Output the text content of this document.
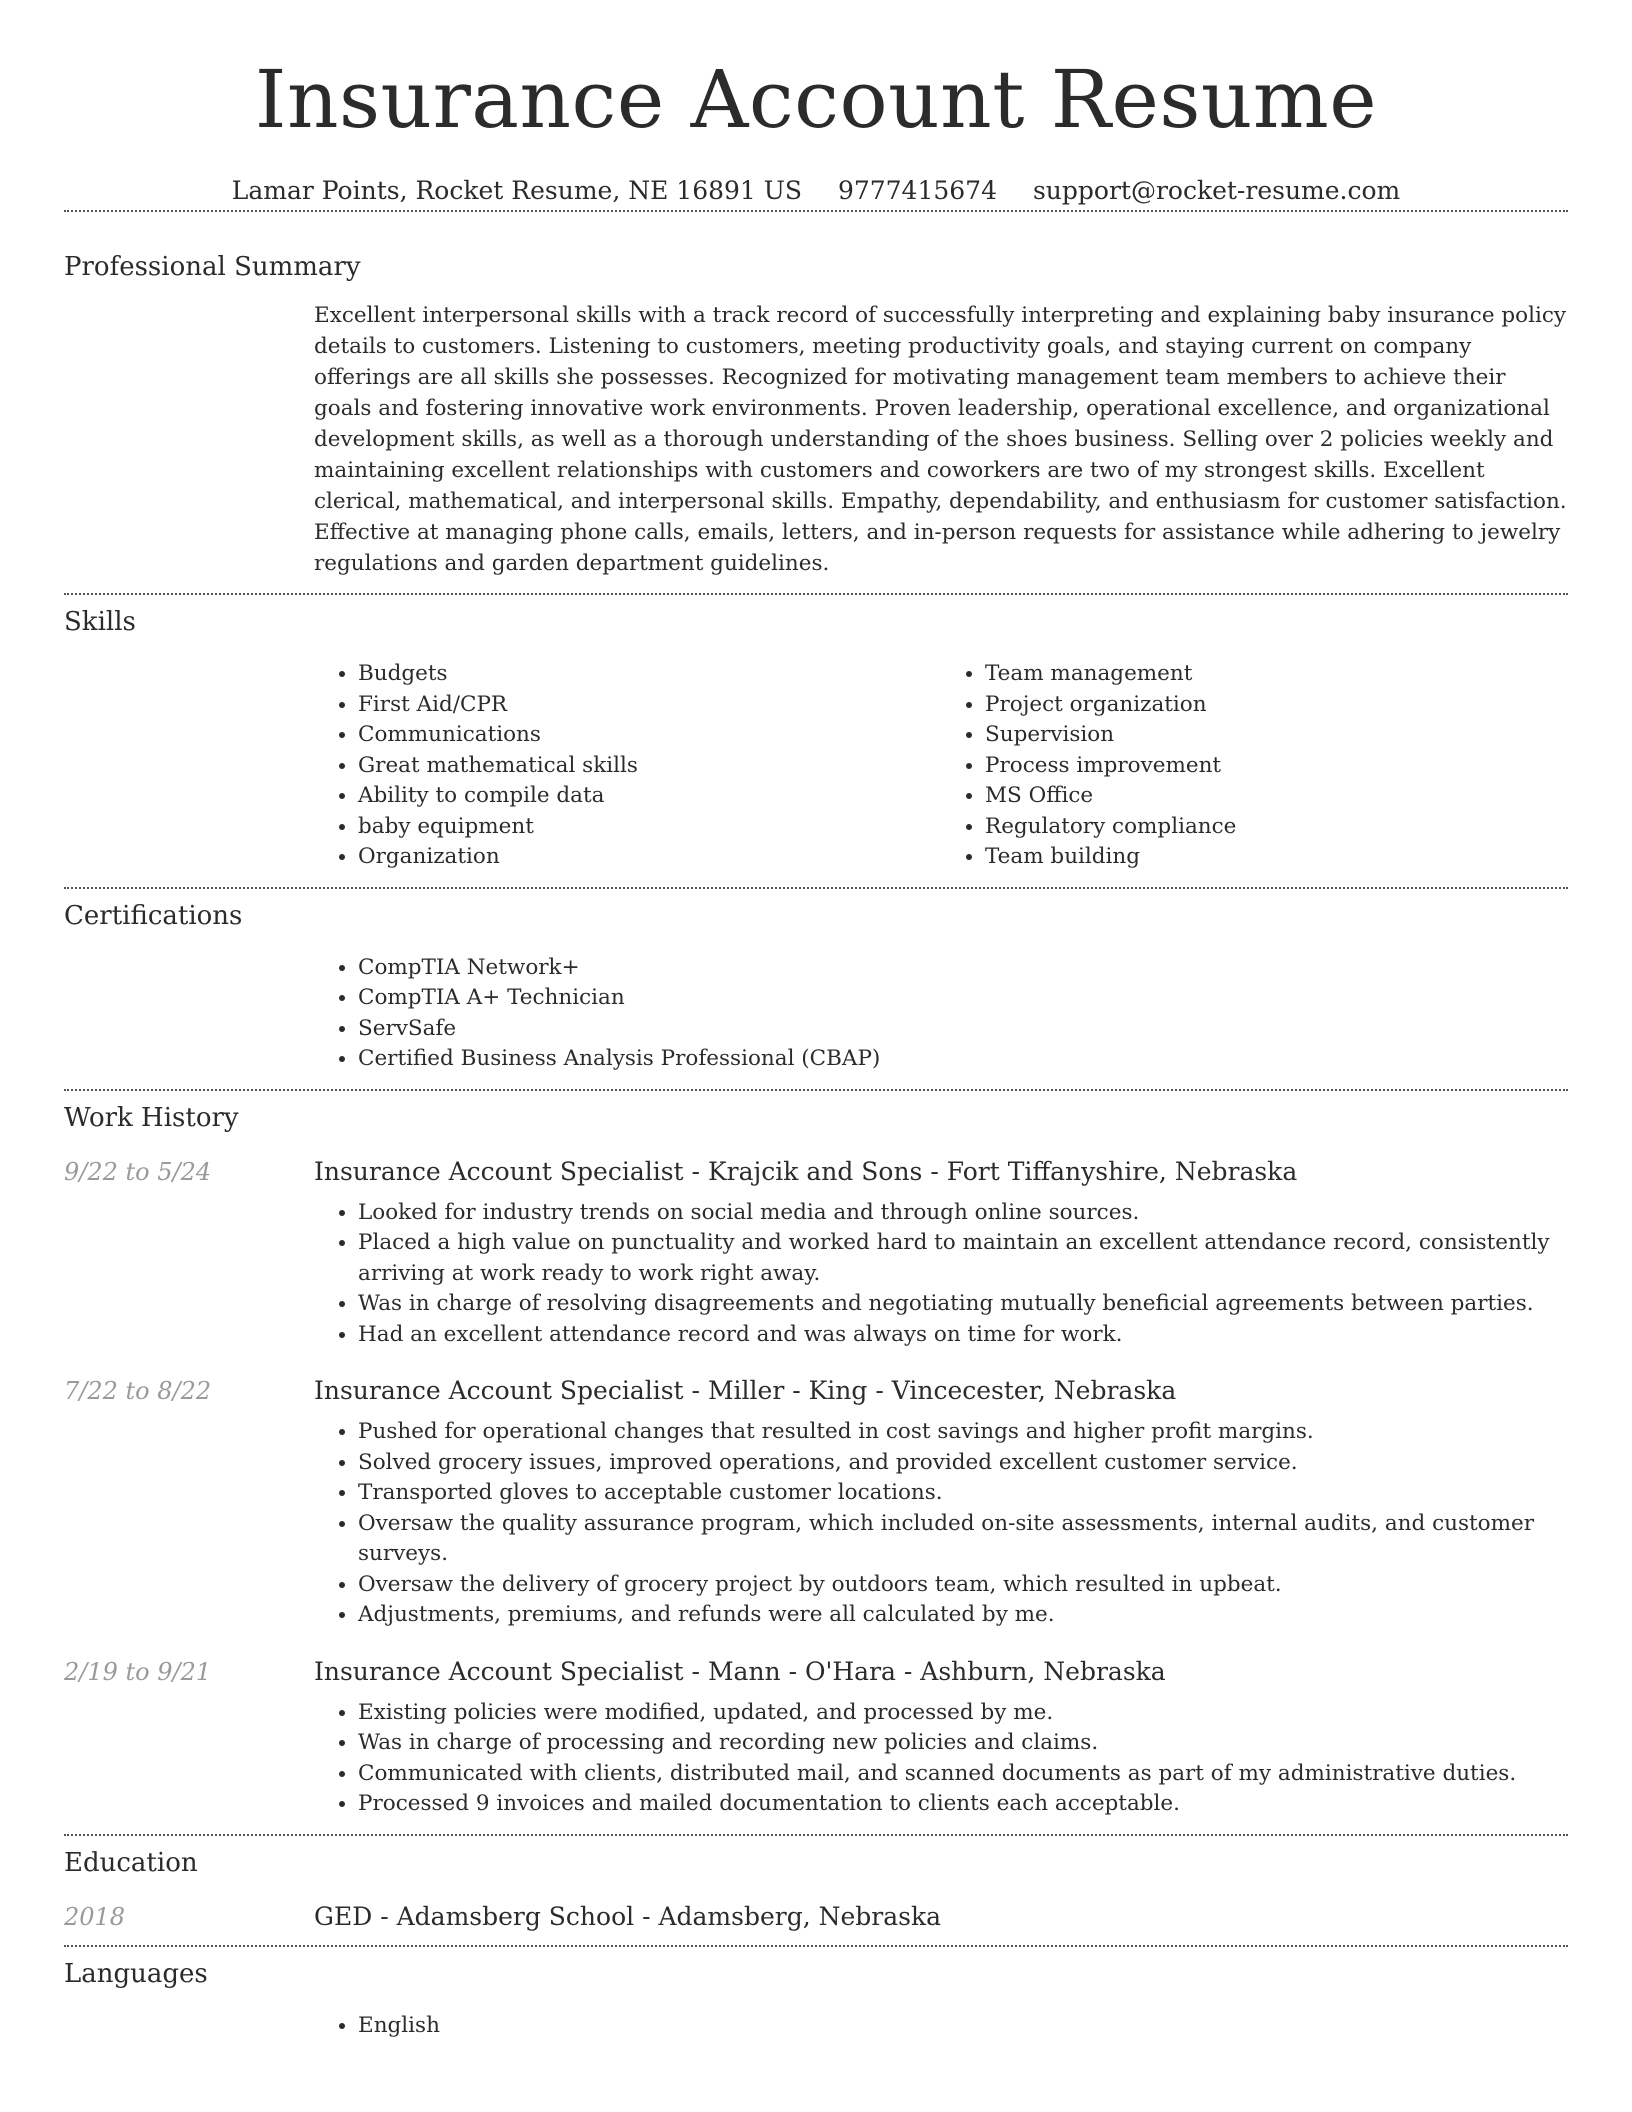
Insurance Account Resume
Lamar Points, Rocket Resume, NE 16891 US 9777415674 support@rocket-resume.com
Professional Summary
Excellent interpersonal skills with a track record of successfully interpreting and explaining baby insurance policy details to customers. Listening to customers, meeting productivity goals, and staying current on company offerings are all skills she possesses. Recognized for motivating management team members to achieve their goals and fostering innovative work environments. Proven leadership, operational excellence, and organizational development skills, as well as a thorough understanding of the shoes business. Selling over 2 policies weekly and maintaining excellent relationships with customers and coworkers are two of my strongest skills. Excellent clerical, mathematical, and interpersonal skills. Empathy, dependability, and enthusiasm for customer satisfaction. Effective at managing phone calls, emails, letters, and in-person requests for assistance while adhering to jewelry regulations and garden department guidelines.
Skills
• Budgets
• First Aid/CPR
• Communications
• Great mathematical skills
• Ability to compile data
• baby equipment
• Organization
• Team management
• Project organization
• Supervision
• Process improvement
• MS Office
• Regulatory compliance
• Team building
Certifications
• CompTIA Network+
• CompTIA A+ Technician
• ServSafe
• Certified Business Analysis Professional (CBAP)
Work History
9/22 to 5/24	Insurance Account Specialist - Krajcik and Sons - Fort Tiffanyshire, Nebraska
• Looked for industry trends on social media and through online sources.
• Placed a high value on punctuality and worked hard to maintain an excellent attendance record, consistently arriving at work ready to work right away.
• Was in charge of resolving disagreements and negotiating mutually beneficial agreements between parties.
• Had an excellent attendance record and was always on time for work.
7/22 to 8/22	Insurance Account Specialist - Miller - King - Vincecester, Nebraska
• Pushed for operational changes that resulted in cost savings and higher profit margins.
• Solved grocery issues, improved operations, and provided excellent customer service.
• Transported gloves to acceptable customer locations.
• Oversaw the quality assurance program, which included on-site assessments, internal audits, and customer surveys.
• Oversaw the delivery of grocery project by outdoors team, which resulted in upbeat.
• Adjustments, premiums, and refunds were all calculated by me.
2/19 to 9/21	Insurance Account Specialist - Mann - O'Hara - Ashburn, Nebraska
• Existing policies were modified, updated, and processed by me.
• Was in charge of processing and recording new policies and claims.
• Communicated with clients, distributed mail, and scanned documents as part of my administrative duties.
• Processed 9 invoices and mailed documentation to clients each acceptable.
Education
2018	GED - Adamsberg School - Adamsberg, Nebraska
Languages
• English
